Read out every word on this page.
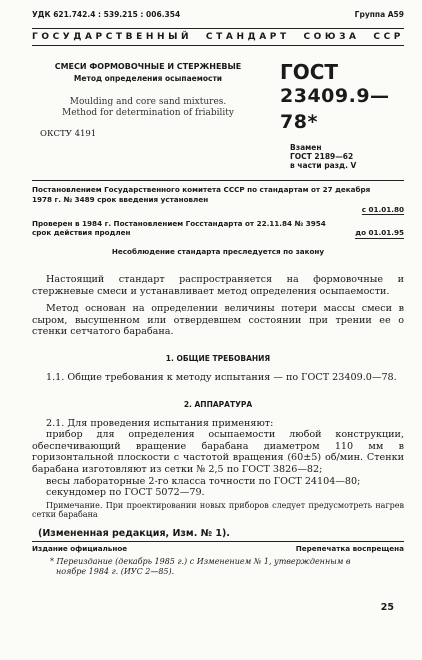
УДК 621.742.4 : 539.215 : 006.354	Группа А59
ГОСУДАРСТВЕННЫЙ СТАНДАРТ СОЮЗА ССР
СМЕСИ ФОРМОВОЧНЫЕ И СТЕРЖНЕВЫЕ
Метод определения осыпаемости
Moulding and core sand mixtures.
Method for determination of friability
ОКСТУ 4191
ГОСТ
23409.9—78*
Взамен
ГОСТ 2189—62
в части разд. V
Постановлением Государственного комитета СССР по стандартам от 27 декабря
1978 г. № 3489 срок введения установлен
с 01.01.80
Проверен в 1984 г. Постановлением Госстандарта от 22.11.84 № 3954
срок действия продлен	до 01.01.95
Несоблюдение стандарта преследуется по закону

Настоящий стандарт распространяется на формовочные и стержневые смеси и устанавливает метод определения осыпаемости.

Метод основан на определении величины потери массы смеси в сыром, высушенном или отвердевшем состоянии при трении ее о стенки сетчатого барабана.

1. ОБЩИЕ ТРЕБОВАНИЯ

1.1. Общие требования к методу испытания — по ГОСТ 23409.0—78.

2. АППАРАТУРА

2.1. Для проведения испытания применяют:

прибор для определения осыпаемости любой конструкции, обеспечивающий вращение барабана диаметром 110 мм в горизонтальной плоскости с частотой вращения (60±5) об/мин. Стенки барабана изготовляют из сетки № 2,5 по ГОСТ 3826—82;

весы лабораторные 2-го класса точности по ГОСТ 24104—80;

секундомер по ГОСТ 5072—79.

Примечание. При проектировании новых приборов следует предусмотреть нагрев сетки барабана

(Измененная редакция, Изм. № 1).
Издание официальное	Перепечатка воспрещена
* Переиздание (декабрь 1985 г.) с Изменением № 1, утвержденным в ноябре 1984 г. (ИУС 2—85).
25
